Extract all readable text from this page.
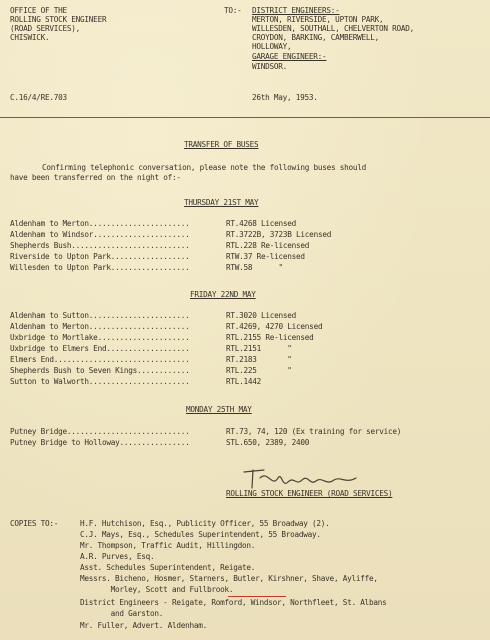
OFFICE OF THE
ROLLING STOCK ENGINEER
(ROAD SERVICES),
CHISWICK.
TO:- DISTRICT ENGINEERS:-
MERTON, RIVERSIDE, UPTON PARK,
WILLESDEN, SOUTHALL, CHELVERTON ROAD,
CROYDON, BARKING, CAMBERWELL,
HOLLOWAY,
GARAGE ENGINEER:-
WINDSOR.
C.16/4/RE.703	26th May, 1953.
TRANSFER OF BUSES
Confirming telephonic conversation, please note the following buses should
have been transferred on the night of:-
THURSDAY 21ST MAY
Aldenham to Merton.......................	RT.4268 Licensed
Aldenham to Windsor......................	RT.3722B, 3723B Licensed
Shepherds Bush...........................	RTL.228 Re-licensed
Riverside to Upton Park..................	RTW.37 Re-licensed
Willesden to Upton Park..................	RTW.58      "
FRIDAY 22ND MAY
Aldenham to Sutton.......................	RT.3020 Licensed
Aldenham to Merton.......................	RT.4269, 4270 Licensed
Uxbridge to Mortlake.....................	RTL.2155 Re-licensed
Uxbridge to Elmers End...................	RTL.2151      "
Elmers End...............................	RT.2183       "
Shepherds Bush to Seven Kings............	RTL.225       "
Sutton to Walworth.......................	RTL.1442
MONDAY 25TH MAY
Putney Bridge............................	RT.73, 74, 120 (Ex training for service)
Putney Bridge to Holloway................	STL.650, 2389, 2400
ROLLING STOCK ENGINEER (ROAD SERVICES)
COPIES TO:-	H.F. Hutchison, Esq., Publicity Officer, 55 Broadway (2).
C.J. Mays, Esq., Schedules Superintendent, 55 Broadway.
Mr. Thompson, Traffic Audit, Hillingdon.
A.R. Purves, Esq.
Asst. Schedules Superintendent, Reigate.
Messrs. Bicheno, Hosmer, Starners, Butler, Kirshner, Shave, Ayliffe,
Morley, Scott and Fullbrook.
District Engineers - Reigate, Romford, Windsor, Northfleet, St. Albans
and Garston.
Mr. Fuller, Advert. Aldenham.
